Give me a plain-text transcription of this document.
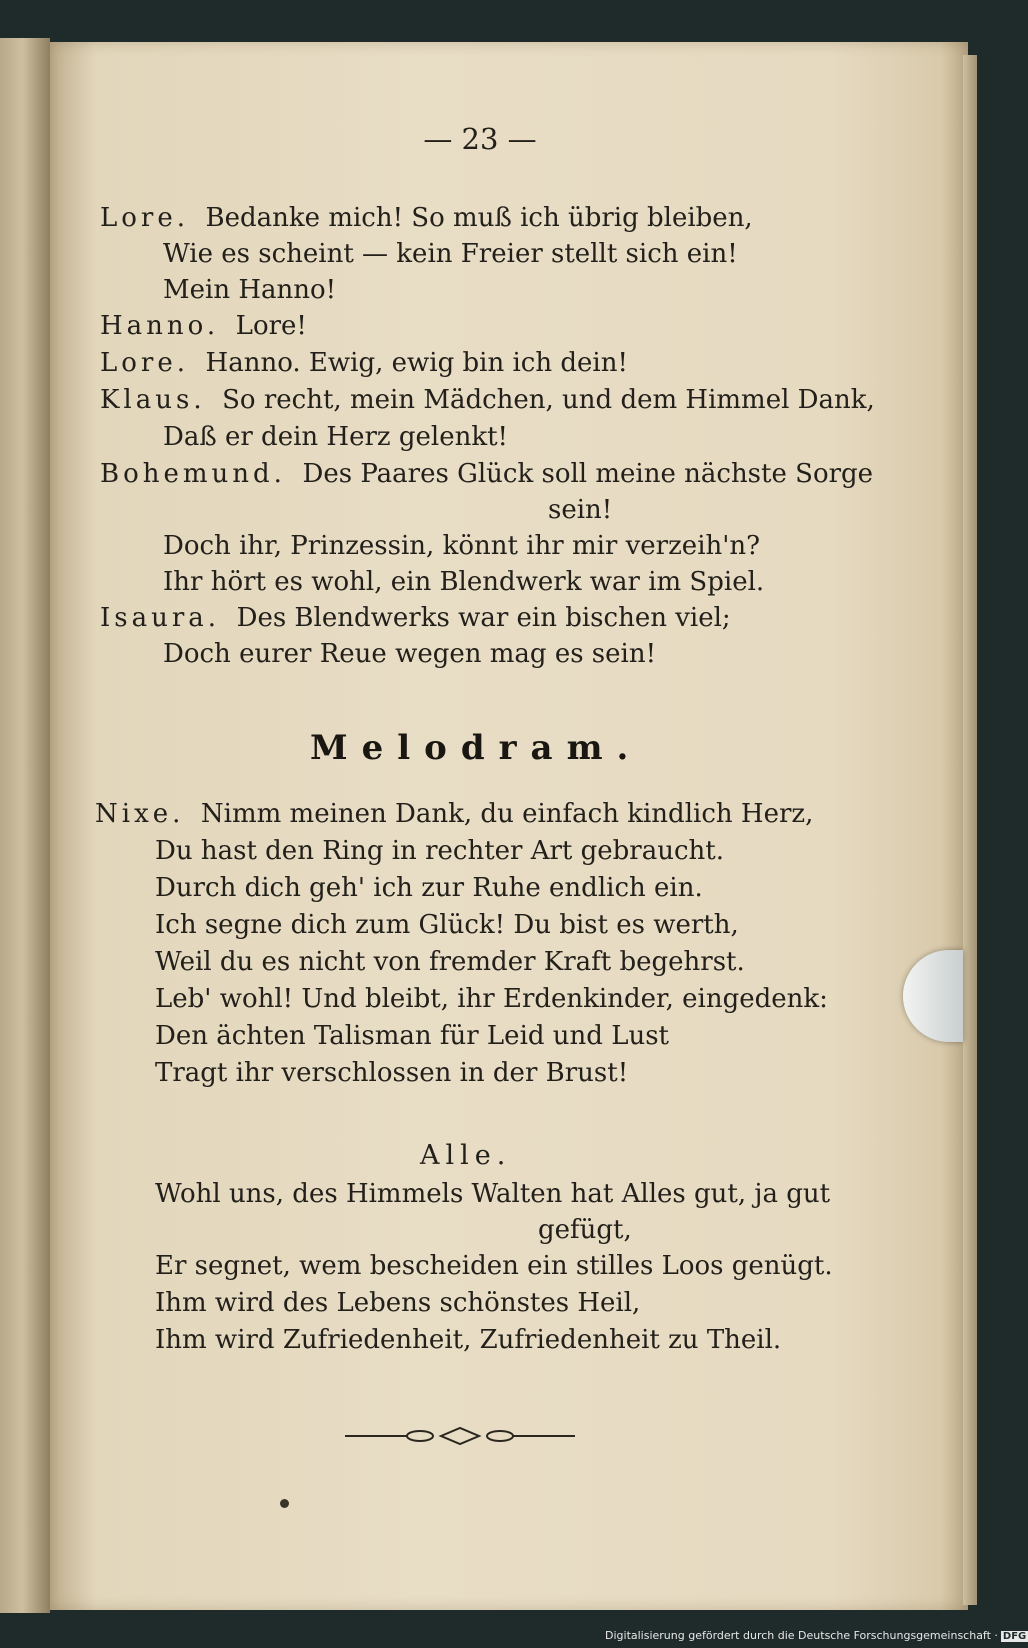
— 23 —
Lore. Bedanke mich! So muß ich übrig bleiben,
Wie es scheint — kein Freier stellt sich ein!
Mein Hanno!
Hanno. Lore!
Lore. Hanno. Ewig, ewig bin ich dein!
Klaus. So recht, mein Mädchen, und dem Himmel Dank,
Daß er dein Herz gelenkt!
Bohemund. Des Paares Glück soll meine nächste Sorge
sein!
Doch ihr, Prinzessin, könnt ihr mir verzeih'n?
Ihr hört es wohl, ein Blendwerk war im Spiel.
Isaura. Des Blendwerks war ein bischen viel;
Doch eurer Reue wegen mag es sein!
Melodram.
Nixe. Nimm meinen Dank, du einfach kindlich Herz,
Du hast den Ring in rechter Art gebraucht.
Durch dich geh' ich zur Ruhe endlich ein.
Ich segne dich zum Glück! Du bist es werth,
Weil du es nicht von fremder Kraft begehrst.
Leb' wohl! Und bleibt, ihr Erdenkinder, eingedenk:
Den ächten Talisman für Leid und Lust
Tragt ihr verschlossen in der Brust!
Alle.
Wohl uns, des Himmels Walten hat Alles gut, ja gut
gefügt,
Er segnet, wem bescheiden ein stilles Loos genügt.
Ihm wird des Lebens schönstes Heil,
Ihm wird Zufriedenheit, Zufriedenheit zu Theil.
Digitalisierung gefördert durch die Deutsche Forschungsgemeinschaft · DFG
